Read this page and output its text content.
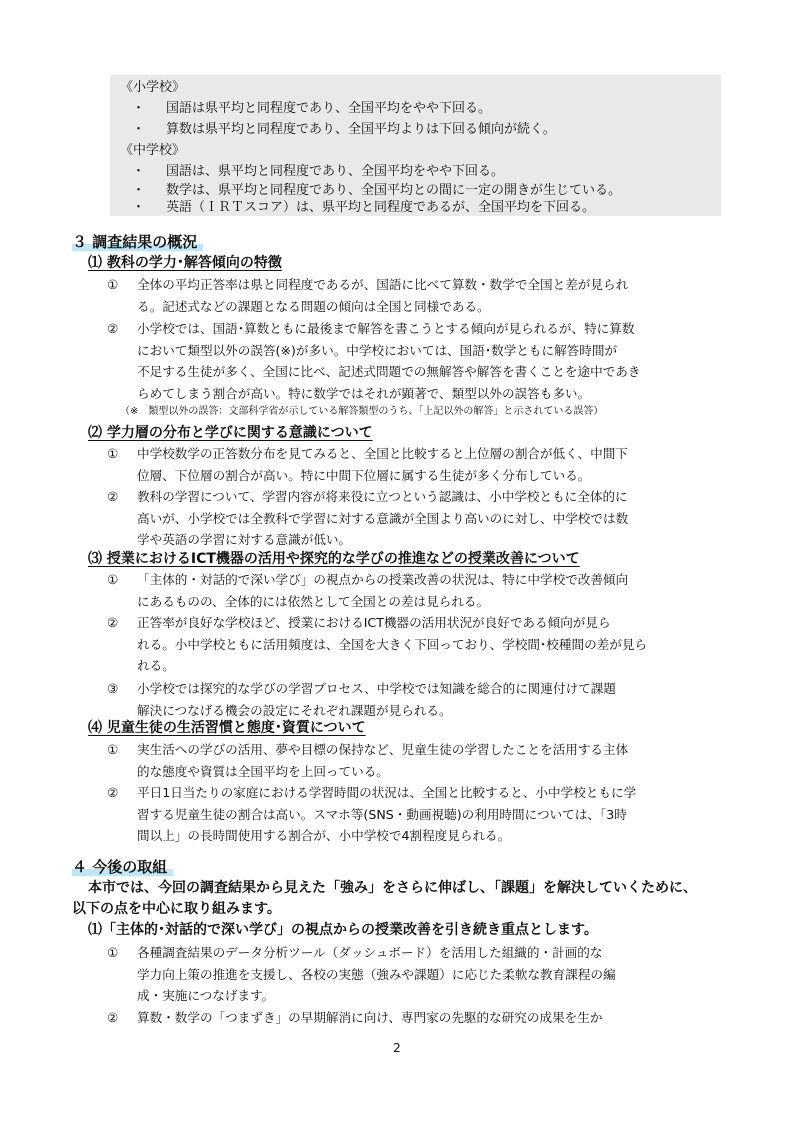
《小学校》
・ 国語は県平均と同程度であり、全国平均をやや下回る。
・ 算数は県平均と同程度であり、全国平均よりは下回る傾向が続く。
《中学校》
・ 国語は、県平均と同程度であり、全国平均をやや下回る。
・ 数学は、県平均と同程度であり、全国平均との間に一定の開きが生じている。
・ 英語（ＩＲＴスコア）は、県平均と同程度であるが、全国平均を下回る。
３ 調査結果の概況
⑴ 教科の学力･解答傾向の特徴
①	全体の平均正答率は県と同程度であるが、国語に比べて算数・数学で全国と差が見られ
る。記述式などの課題となる問題の傾向は全国と同様である。
②	小学校では、国語･算数ともに最後まで解答を書こうとする傾向が見られるが、特に算数
において類型以外の誤答(※)が多い。中学校においては、国語･数学ともに解答時間が
不足する生徒が多く、全国に比べ、記述式問題での無解答や解答を書くことを途中であき
らめてしまう割合が高い。特に数学ではそれが顕著で、類型以外の誤答も多い。
（※　類型以外の誤答：文部科学省が示している解答類型のうち、「上記以外の解答」と示されている誤答）
⑵ 学力層の分布と学びに関する意識について
①	中学校数学の正答数分布を見てみると、全国と比較すると上位層の割合が低く、中間下
位層、下位層の割合が高い。特に中間下位層に属する生徒が多く分布している。
②	教科の学習について、学習内容が将来役に立つという認識は、小中学校ともに全体的に
高いが、小学校では全教科で学習に対する意識が全国より高いのに対し、中学校では数
学や英語の学習に対する意識が低い。
⑶ 授業におけるICT機器の活用や探究的な学びの推進などの授業改善について
①	「主体的・対話的で深い学び」の視点からの授業改善の状況は、特に中学校で改善傾向
にあるものの、全体的には依然として全国との差は見られる。
②	正答率が良好な学校ほど、授業におけるICT機器の活用状況が良好である傾向が見ら
れる。小中学校ともに活用頻度は、全国を大きく下回っており、学校間･校種間の差が見ら
れる。
③	小学校では探究的な学びの学習プロセス、中学校では知識を総合的に関連付けて課題
解決につなげる機会の設定にそれぞれ課題が見られる。
⑷ 児童生徒の生活習慣と態度･資質について
①	実生活への学びの活用、夢や目標の保持など、児童生徒の学習したことを活用する主体
的な態度や資質は全国平均を上回っている。
②	平日1日当たりの家庭における学習時間の状況は、全国と比較すると、小中学校ともに学
習する児童生徒の割合は高い。スマホ等(SNS・動画視聴)の利用時間については、「3時
間以上」の長時間使用する割合が、小中学校で4割程度見られる。
４ 今後の取組
本市では、今回の調査結果から見えた「強み」をさらに伸ばし、「課題」を解決していくために、
以下の点を中心に取り組みます。
⑴「主体的･対話的で深い学び」の視点からの授業改善を引き続き重点とします。
①	各種調査結果のデータ分析ツール（ダッシュボード）を活用した組織的・計画的な
学力向上策の推進を支援し、各校の実態（強みや課題）に応じた柔軟な教育課程の編
成・実施につなげます。
②	算数・数学の「つまずき」の早期解消に向け、専門家の先駆的な研究の成果を生か
2
